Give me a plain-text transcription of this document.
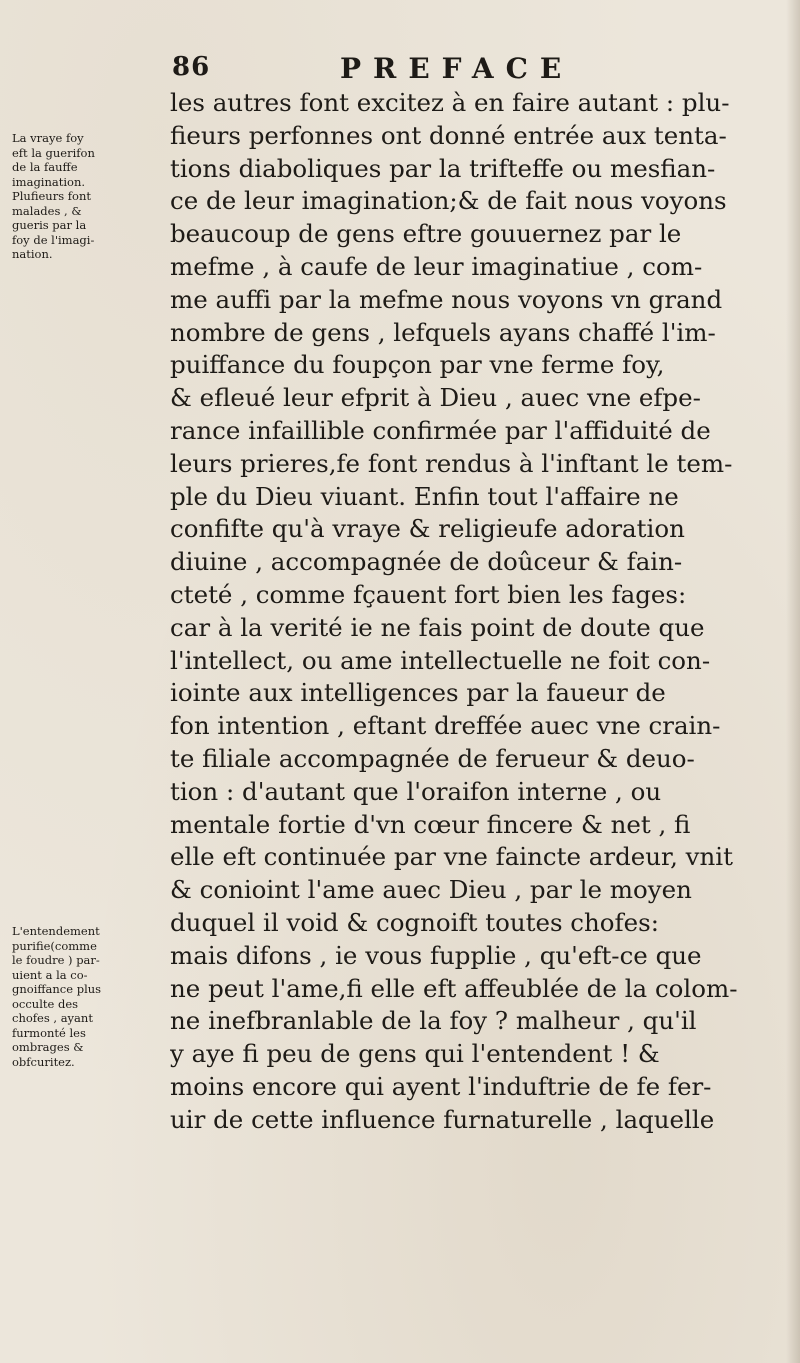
86	PREFACE
La vraye foy
eft la guerifon
de la fauffe
imagination.
Plufieurs font
malades , &
gueris par la
foy de l'imagi-
nation.
L'entendement
purifie(comme
le foudre ) par-
uient a la co-
gnoiffance plus
occulte des
chofes , ayant
furmonté les
ombrages &
obfcuritez.
les autres font excitez à en faire autant : plu-
fieurs perfonnes ont donné entrée aux tenta-
tions diaboliques par la trifteffe ou mesfian-
ce de leur imagination;& de fait nous voyons
beaucoup de gens eftre gouuernez par le
mefme , à caufe de leur imaginatiue , com-
me auffi par la mefme nous voyons vn grand
nombre de gens , lefquels ayans chaffé l'im-
puiffance du foupçon par vne ferme foy,
& efleué leur efprit à Dieu , auec vne efpe-
rance infaillible confirmée par l'affiduité de
leurs prieres,fe font rendus à l'inftant le tem-
ple du Dieu viuant. Enfin tout l'affaire ne
confifte qu'à vraye & religieufe adoration
diuine , accompagnée de doûceur & fain-
cteté , comme fçauent fort bien les fages:
car à la verité ie ne fais point de doute que
l'intellect, ou ame intellectuelle ne foit con-
iointe aux intelligences par la faueur de
fon intention , eftant dreffée auec vne crain-
te filiale accompagnée de ferueur & deuo-
tion : d'autant que l'oraifon interne , ou
mentale fortie d'vn cœur fincere & net , fi
elle eft continuée par vne faincte ardeur, vnit
& conioint l'ame auec Dieu , par le moyen
duquel il void & cognoift toutes chofes:
mais difons , ie vous fupplie , qu'eft-ce que
ne peut l'ame,fi elle eft affeublée de la colom-
ne inefbranlable de la foy ? malheur , qu'il
y aye fi peu de gens qui l'entendent ! &
moins encore qui ayent l'induftrie de fe fer-
uir de cette influence furnaturelle , laquelle
